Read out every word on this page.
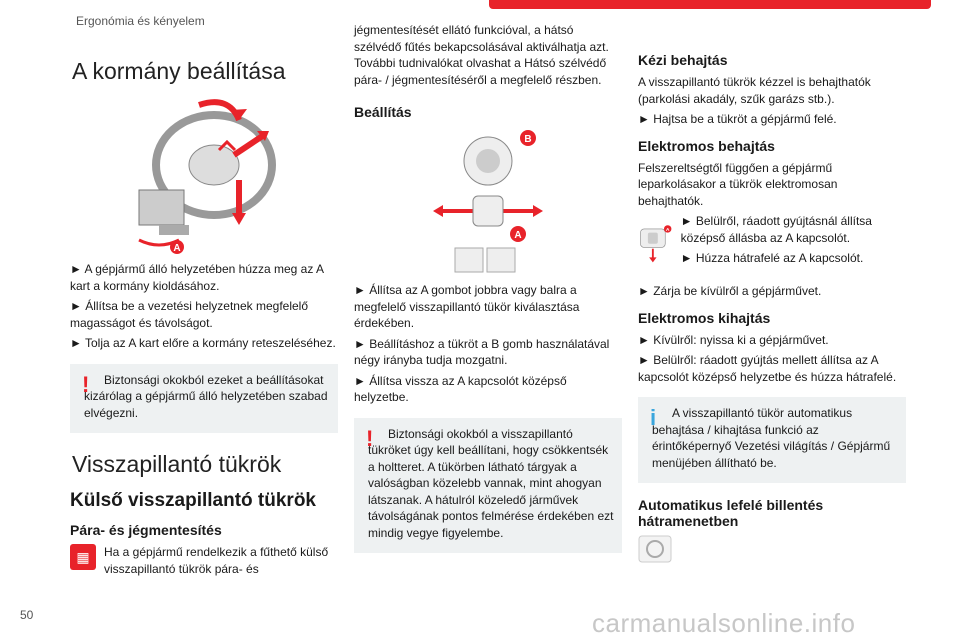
Ergonómia és kényelem
A kormány beállítása
A

► A gépjármű álló helyzetében húzza meg az A kart a kormány kioldásához.

► Állítsa be a vezetési helyzetnek megfelelő magasságot és távolságot.

► Tolja az A kart előre a kormány reteszeléséhez.

!	Biztonsági okokból ezeket a beállításokat kizárólag a gépjármű álló helyzetében szabad elvégezni.

Visszapillantó tükrök
Külső visszapillantó tükrök
Pára- és jégmentesítés
▦	Ha a gépjármű rendelkezik a fűthető külső visszapillantó tükrök pára- és

jégmentesítését ellátó funkcióval, a hátsó szélvédő fűtés bekapcsolásával aktiválhatja azt. További tudnivalókat olvashat a Hátsó szélvédő pára- / jégmentesítéséről a megfelelő részben.

Beállítás
B
A

► Állítsa az A gombot jobbra vagy balra a megfelelő visszapillantó tükör kiválasztása érdekében.

► Beállításhoz a tükröt a B gomb használatával négy irányba tudja mozgatni.

► Állítsa vissza az A kapcsolót középső helyzetbe.

!	Biztonsági okokból a visszapillantó tükröket úgy kell beállítani, hogy csökkentsék a holtteret. A tükörben látható tárgyak a valóságban közelebb vannak, mint ahogyan látszanak. A hátulról közeledő járművek távolságának pontos felmérése érdekében ezt mindig vegye figyelembe.

Kézi behajtás

A visszapillantó tükrök kézzel is behajthatók (parkolási akadály, szűk garázs stb.).

► Hajtsa be a tükröt a gépjármű felé.

Elektromos behajtás

Felszereltségtől függően a gépjármű leparkolásakor a tükrök elektromosan behajthatók.

A

► Belülről, ráadott gyújtásnál állítsa középső állásba az A kapcsolót.

► Húzza hátrafelé az A kapcsolót.

► Zárja be kívülről a gépjárművet.

Elektromos kihajtás

► Kívülről: nyissa ki a gépjárművet.

► Belülről: ráadott gyújtás mellett állítsa az A kapcsolót középső helyzetbe és húzza hátrafelé.

i	A visszapillantó tükör automatikus behajtása / kihajtása funkció az érintőképernyő Vezetési világítás / Gépjármű menüjében állítható be.

Automatikus lefelé billentés hátramenetben
50	carmanualsonline.info
